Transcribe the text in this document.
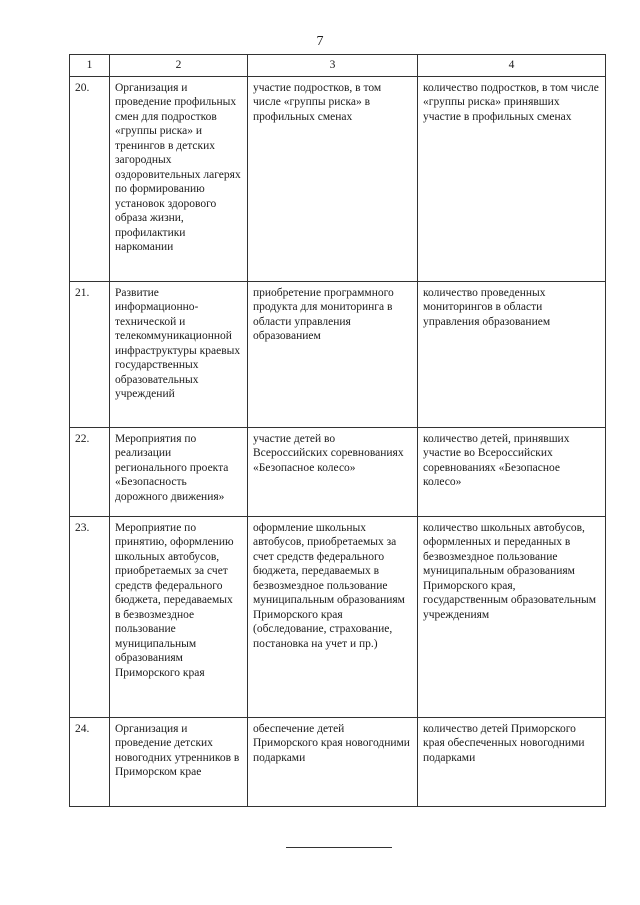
7
1	2	3	4
20.	Организация и проведение профильных смен для подростков «группы риска» и тренингов в детских загородных оздоровительных лагерях по формированию установок здорового образа жизни, профилактики наркомании	участие подростков, в том числе «группы риска» в профильных сменах	количество подростков, в том числе «группы риска» принявших участие в профильных сменах
21.	Развитие информационно-технической и телекоммуникационной инфраструктуры краевых государственных образовательных учреждений	приобретение программного продукта для мониторинга в области управления образованием	количество проведенных мониторингов в области управления образованием
22.	Мероприятия по реализации регионального проекта «Безопасность дорожного движения»	участие детей во Всероссийских соревнованиях «Безопасное колесо»	количество детей, принявших участие во Всероссийских соревнованиях «Безопасное колесо»
23.	Мероприятие по принятию, оформлению школьных автобусов, приобретаемых за счет средств федерального бюджета, передаваемых в безвозмездное пользование муниципальным образованиям Приморского края	оформление школьных автобусов, приобретаемых за счет средств федерального бюджета, передаваемых в безвозмездное пользование муниципальным образованиям Приморского края (обследование, страхование, постановка на учет и пр.)	количество школьных автобусов, оформленных и переданных в безвозмездное пользование муниципальным образованиям Приморского края, государственным образовательным учреждениям
24.	Организация и проведение детских новогодних утренников в Приморском крае	обеспечение детей Приморского края новогодними подарками	количество детей Приморского края обеспеченных новогодними подарками
